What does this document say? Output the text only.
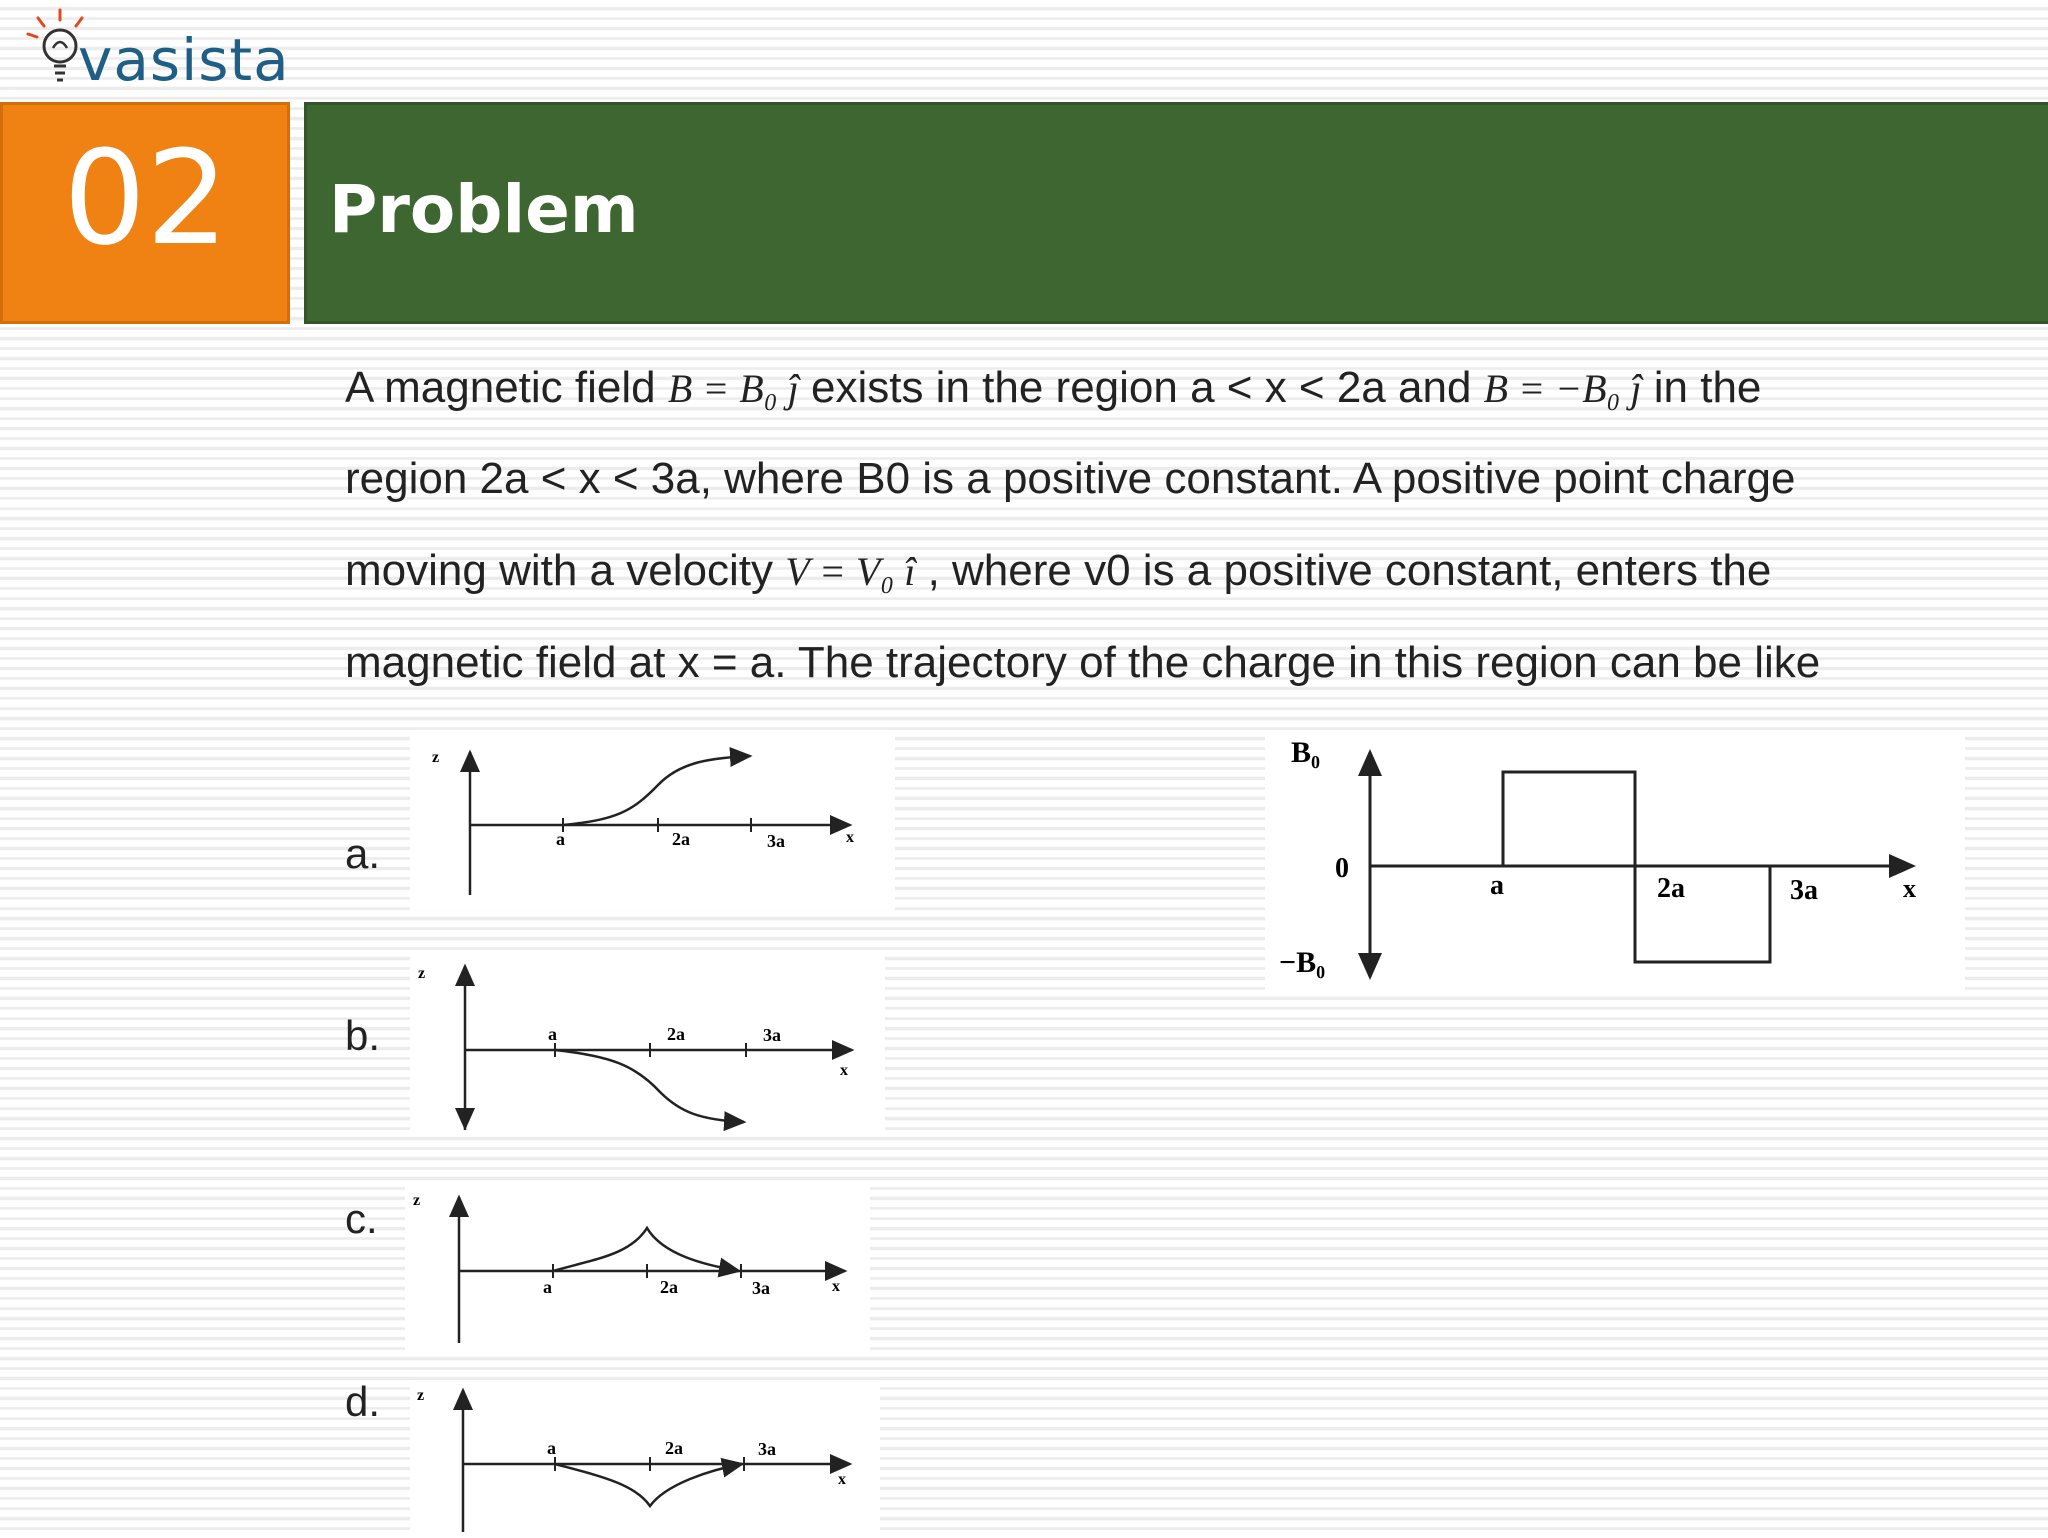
vasista
02	Problem
A magnetic field B = B₀ ĵ exists in the region a < x < 2a and B = −B₀ ĵ in the
region 2a < x < 3a, where B0 is a positive constant. A positive point charge
moving with a velocity V = V₀ î , where v0 is a positive constant, enters the
magnetic field at x = a. The trajectory of the charge in this region can be like
a.
b.
c.
d.
z
a	2a	3a	x
z
a	2a	3a
x
z
a	2a	3a	x
z
a	2a	3a
x
B₀
0
−B₀
a	2a	3a	x
